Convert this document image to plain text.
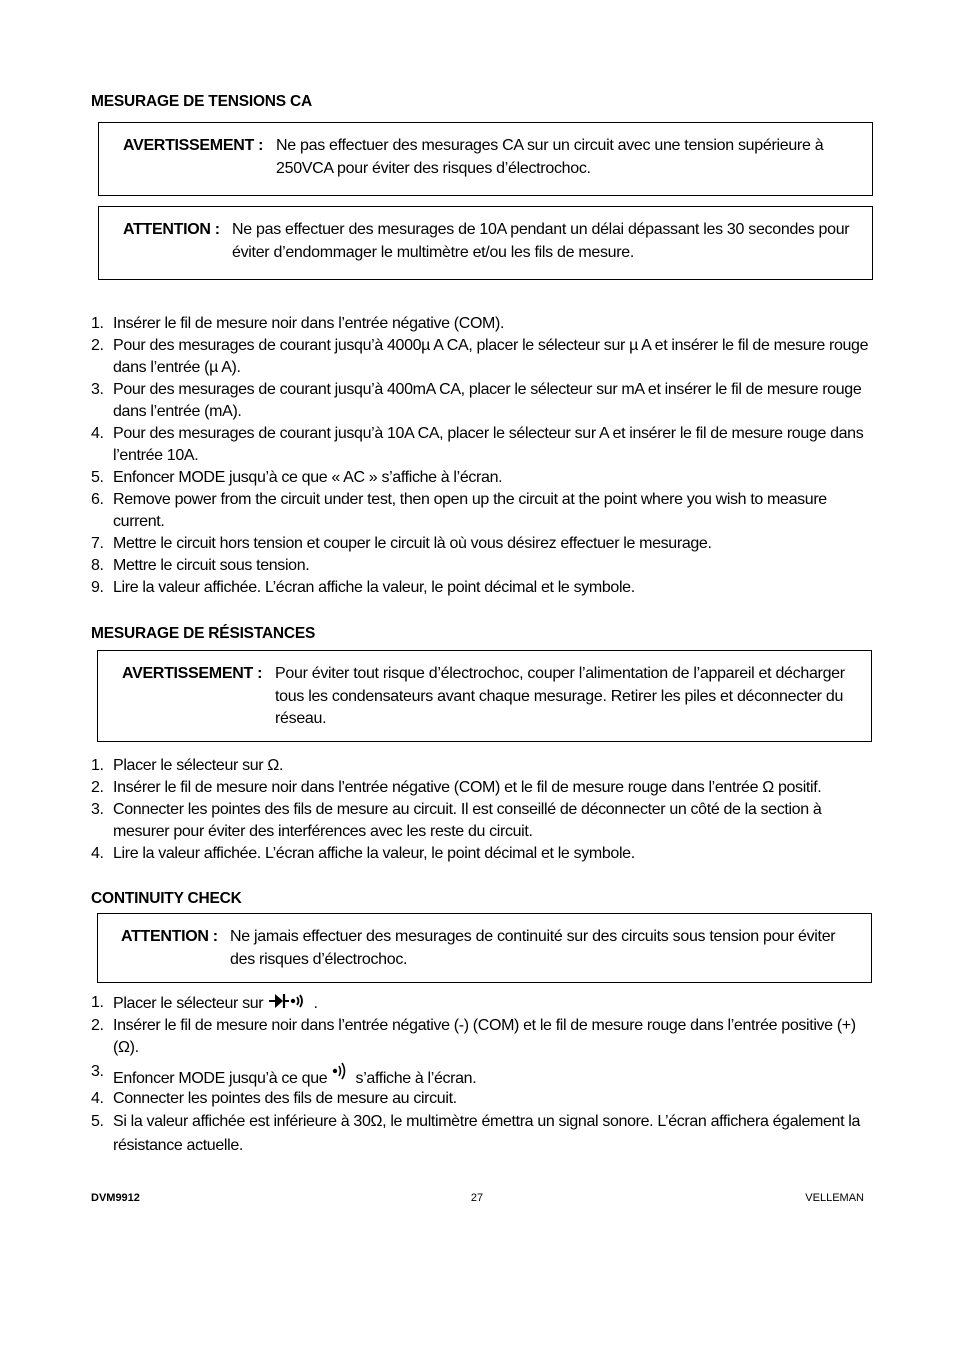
MESURAGE DE TENSIONS CA
AVERTISSEMENT : Ne pas effectuer des mesurages CA sur un circuit avec une tension supérieure à 250VCA pour éviter des risques d’électrochoc.
ATTENTION : Ne pas effectuer des mesurages de 10A pendant un délai dépassant les 30 secondes pour éviter d’endommager le multimètre et/ou les fils de mesure.
1. Insérer le fil de mesure noir dans l’entrée négative (COM).
2. Pour des mesurages de courant jusqu’à 4000µ A CA, placer le sélecteur sur µ A et insérer le fil de mesure rouge dans l’entrée (µ A).
3. Pour des mesurages de courant jusqu’à 400mA CA, placer le sélecteur sur mA et insérer le fil de mesure rouge dans l’entrée (mA).
4. Pour des mesurages de courant jusqu’à 10A CA, placer le sélecteur sur A et insérer le fil de mesure rouge dans l’entrée 10A.
5. Enfoncer MODE jusqu’à ce que « AC » s’affiche à l’écran.
6. Remove power from the circuit under test, then open up the circuit at the point where you wish to measure current.
7. Mettre le circuit hors tension et couper le circuit là où vous désirez effectuer le mesurage.
8. Mettre le circuit sous tension.
9. Lire la valeur affichée. L’écran affiche la valeur, le point décimal et le symbole.
MESURAGE DE RÉSISTANCES
AVERTISSEMENT : Pour éviter tout risque d’électrochoc, couper l’alimentation de l’appareil et décharger tous les condensateurs avant chaque mesurage. Retirer les piles et déconnecter du réseau.
1. Placer le sélecteur sur Ω.
2. Insérer le fil de mesure noir dans l’entrée négative (COM) et le fil de mesure rouge dans l’entrée Ω positif.
3. Connecter les pointes des fils de mesure au circuit. Il est conseillé de déconnecter un côté de la section à mesurer pour éviter des interférences avec les reste du circuit.
4. Lire la valeur affichée. L’écran affiche la valeur, le point décimal et le symbole.
CONTINUITY CHECK
ATTENTION : Ne jamais effectuer des mesurages de continuité sur des circuits sous tension pour éviter des risques d’électrochoc.
1. Placer le sélecteur sur	.
2. Insérer le fil de mesure noir dans l’entrée négative (-) (COM) et le fil de mesure rouge dans l’entrée positive (+) (Ω).
3. Enfoncer MODE jusqu’à ce que s’affiche à l’écran.
4. Connecter les pointes des fils de mesure au circuit.
5. Si la valeur affichée est inférieure à 30Ω, le multimètre émettra un signal sonore. L’écran affichera également la résistance actuelle.
DVM9912	27	VELLEMAN
